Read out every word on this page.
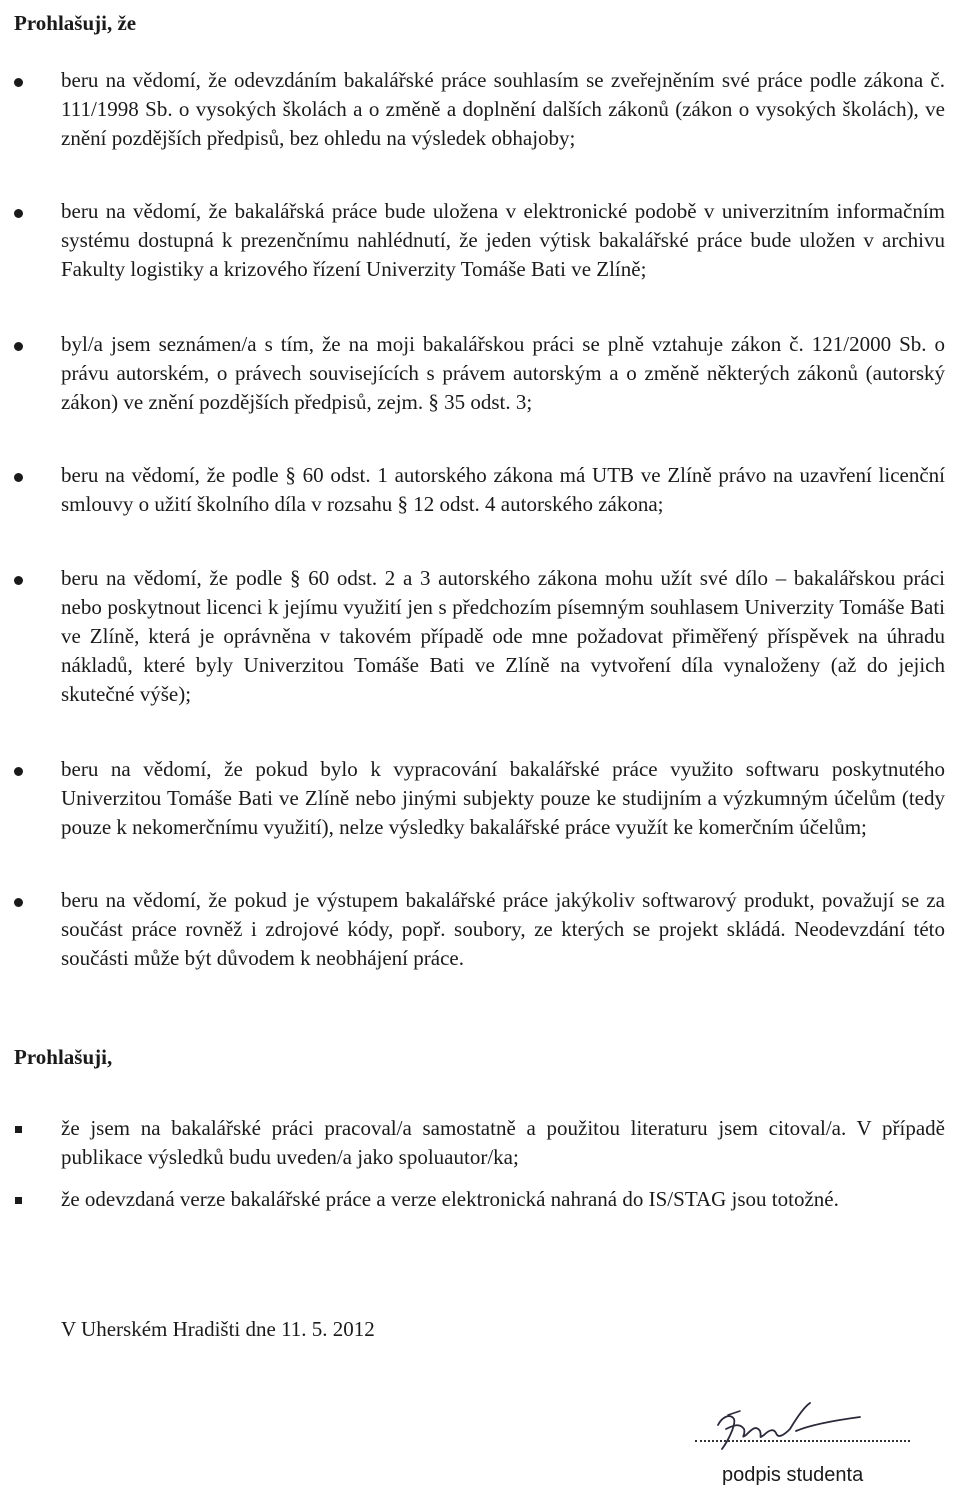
Prohlašuji, že
beru na vědomí, že odevzdáním bakalářské práce souhlasím se zveřejněním své práce podle zákona č. 111/1998 Sb. o vysokých školách a o změně a doplnění dalších zákonů (zákon o vysokých školách), ve znění pozdějších předpisů, bez ohledu na výsledek obhajoby;
beru na vědomí, že bakalářská práce bude uložena v elektronické podobě v univerzitním informačním systému dostupná k prezenčnímu nahlédnutí, že jeden výtisk bakalářské práce bude uložen v archivu Fakulty logistiky a krizového řízení Univerzity Tomáše Bati ve Zlíně;
byl/a jsem seznámen/a s tím, že na moji bakalářskou práci se plně vztahuje zákon č. 121/2000 Sb. o právu autorském, o právech souvisejících s právem autorským a o změně některých zákonů (autorský zákon) ve znění pozdějších předpisů, zejm. § 35 odst. 3;
beru na vědomí, že podle § 60 odst. 1 autorského zákona má UTB ve Zlíně právo na uzavření licenční smlouvy o užití školního díla v rozsahu § 12 odst. 4 autorského zákona;
beru na vědomí, že podle § 60 odst. 2 a 3 autorského zákona mohu užít své dílo – bakalářskou práci nebo poskytnout licenci k jejímu využití jen s předchozím písemným souhlasem Univerzity Tomáše Bati ve Zlíně, která je oprávněna v takovém případě ode mne požadovat přiměřený příspěvek na úhradu nákladů, které byly Univerzitou Tomáše Bati ve Zlíně na vytvoření díla vynaloženy (až do jejich skutečné výše);
beru na vědomí, že pokud bylo k vypracování bakalářské práce využito softwaru poskytnutého Univerzitou Tomáše Bati ve Zlíně nebo jinými subjekty pouze ke studijním a výzkumným účelům (tedy pouze k nekomerčnímu využití), nelze výsledky bakalářské práce využít ke komerčním účelům;
beru na vědomí, že pokud je výstupem bakalářské práce jakýkoliv softwarový produkt, považují se za součást práce rovněž i zdrojové kódy, popř. soubory, ze kterých se projekt skládá. Neodevzdání této součásti může být důvodem k neobhájení práce.
Prohlašuji,
že jsem na bakalářské práci pracoval/a samostatně a použitou literaturu jsem citoval/a. V případě publikace výsledků budu uveden/a jako spoluautor/ka;
že odevzdaná verze bakalářské práce a verze elektronická nahraná do IS/STAG jsou totožné.
V Uherském Hradišti dne 11. 5. 2012
podpis studenta
